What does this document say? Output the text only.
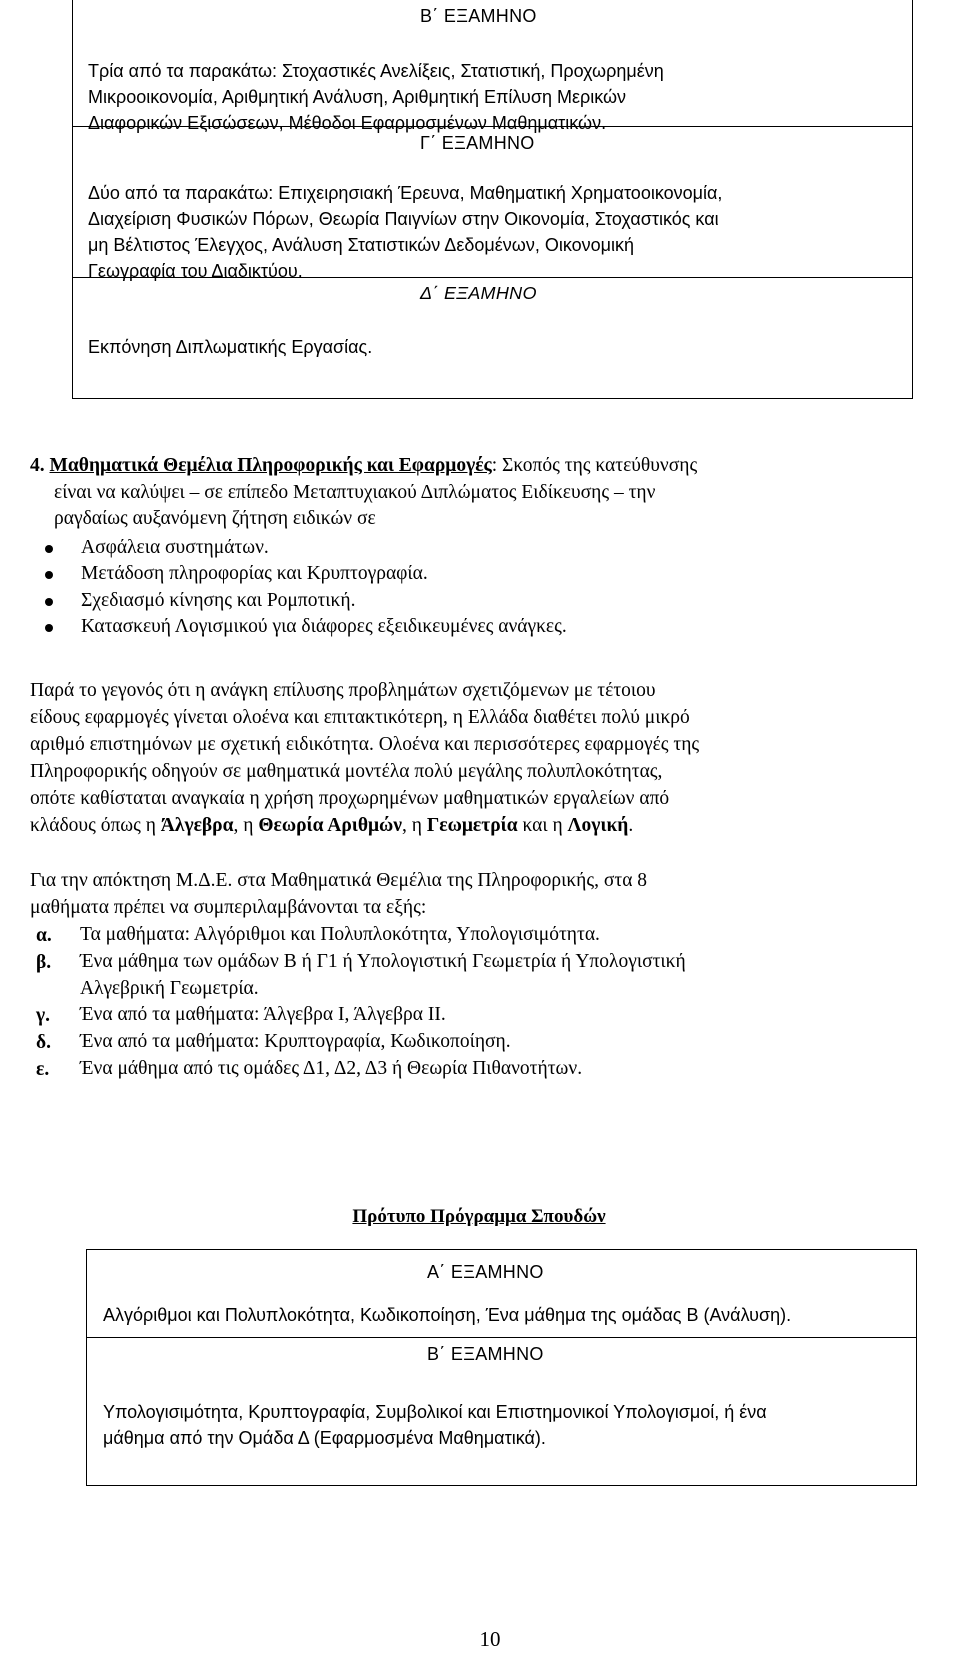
Β΄ ΕΞΑΜΗΝΟ
Τρία από τα παρακάτω: Στοχαστικές Ανελίξεις, Στατιστική, Προχωρημένη
Μικροοικονομία, Αριθμητική Ανάλυση, Αριθμητική Επίλυση Μερικών
Διαφορικών Εξισώσεων, Μέθοδοι Εφαρμοσμένων Μαθηματικών.
Γ΄ ΕΞΑΜΗΝΟ
Δύο από τα παρακάτω: Επιχειρησιακή Έρευνα, Μαθηματική Χρηματοοικονομία,
Διαχείριση Φυσικών Πόρων, Θεωρία Παιγνίων στην Οικονομία, Στοχαστικός και
μη Βέλτιστος Έλεγχος, Ανάλυση Στατιστικών Δεδομένων, Οικονομική
Γεωγραφία του Διαδικτύου.
Δ΄ ΕΞΑΜΗΝΟ
Εκπόνηση Διπλωματικής Εργασίας.
4. Μαθηματικά Θεμέλια Πληροφορικής και Εφαρμογές: Σκοπός της κατεύθυνσης
είναι να καλύψει – σε επίπεδο Μεταπτυχιακού Διπλώματος Ειδίκευσης – την
ραγδαίως αυξανόμενη ζήτηση ειδικών σε
Ασφάλεια συστημάτων.
Μετάδοση πληροφορίας και Κρυπτογραφία.
Σχεδιασμό κίνησης και Ρομποτική.
Κατασκευή Λογισμικού για διάφορες εξειδικευμένες ανάγκες.
Παρά το γεγονός ότι η ανάγκη επίλυσης προβλημάτων σχετιζόμενων με τέτοιου
είδους εφαρμογές γίνεται ολοένα και επιτακτικότερη, η Ελλάδα διαθέτει πολύ μικρό
αριθμό επιστημόνων με σχετική ειδικότητα. Ολοένα και περισσότερες εφαρμογές της
Πληροφορικής οδηγούν σε μαθηματικά μοντέλα πολύ μεγάλης πολυπλοκότητας,
οπότε καθίσταται αναγκαία η χρήση προχωρημένων μαθηματικών εργαλείων από
κλάδους όπως η Άλγεβρα, η Θεωρία Αριθμών, η Γεωμετρία και η Λογική.
Για την απόκτηση Μ.Δ.Ε. στα Μαθηματικά Θεμέλια της Πληροφορικής, στα 8
μαθήματα πρέπει να συμπεριλαμβάνονται τα εξής:
α. Τα μαθήματα: Αλγόριθμοι και Πολυπλοκότητα, Υπολογισιμότητα.
β. Ένα μάθημα των ομάδων Β ή Γ1 ή Υπολογιστική Γεωμετρία ή Υπολογιστική
Αλγεβρική Γεωμετρία.
γ. Ένα από τα μαθήματα: Άλγεβρα Ι, Άλγεβρα ΙΙ.
δ. Ένα από τα μαθήματα: Κρυπτογραφία, Κωδικοποίηση.
ε. Ένα μάθημα από τις ομάδες Δ1, Δ2, Δ3 ή Θεωρία Πιθανοτήτων.
Πρότυπο Πρόγραμμα Σπουδών
Α΄ ΕΞΑΜΗΝΟ
Αλγόριθμοι και Πολυπλοκότητα, Κωδικοποίηση, Ένα μάθημα της ομάδας Β (Ανάλυση).
Β΄ ΕΞΑΜΗΝΟ
Υπολογισιμότητα, Κρυπτογραφία, Συμβολικοί και Επιστημονικοί Υπολογισμοί, ή ένα
μάθημα από την Ομάδα Δ (Εφαρμοσμένα Μαθηματικά).
10
